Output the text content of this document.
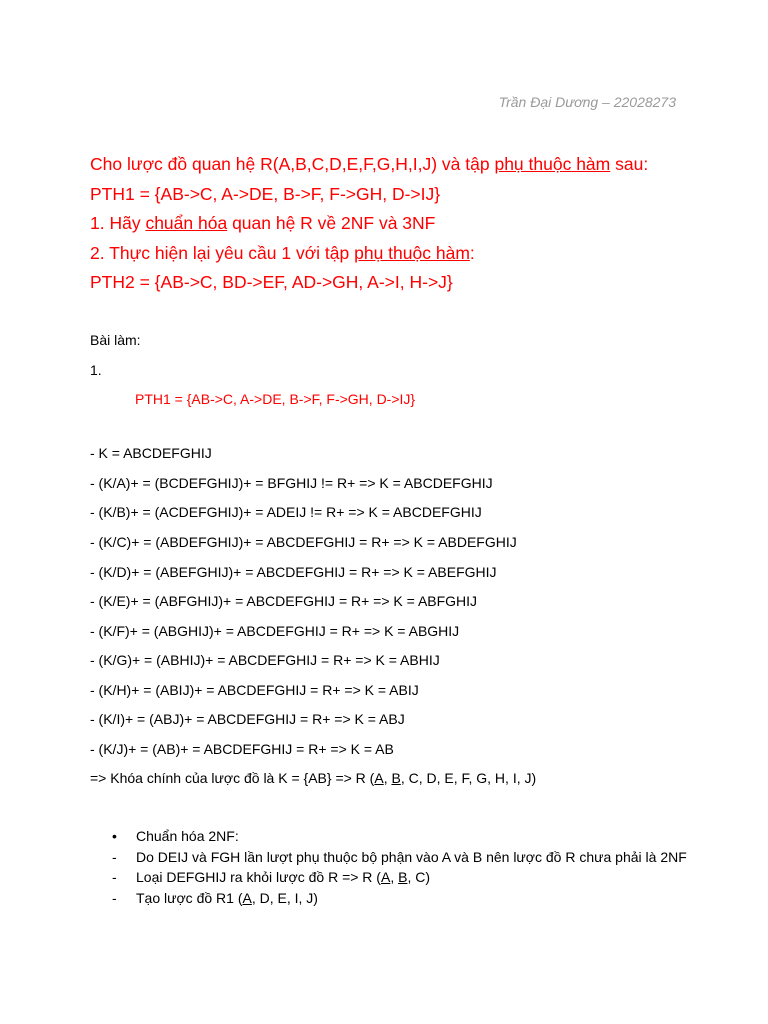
Trần Đại Dương – 22028273
Cho lược đồ quan hệ R(A,B,C,D,E,F,G,H,I,J) và tập phụ thuộc hàm sau:
PTH1 = {AB->C, A->DE, B->F, F->GH, D->IJ}
1. Hãy chuẩn hóa quan hệ R về 2NF và 3NF
2. Thực hiện lại yêu cầu 1 với tập phụ thuộc hàm:
PTH2 = {AB->C, BD->EF, AD->GH, A->I, H->J}
Bài làm:
1.
PTH1 = {AB->C, A->DE, B->F, F->GH, D->IJ}
- K = ABCDEFGHIJ
- (K/A)+ = (BCDEFGHIJ)+ = BFGHIJ != R+ => K = ABCDEFGHIJ
- (K/B)+ = (ACDEFGHIJ)+ = ADEIJ != R+ => K = ABCDEFGHIJ
- (K/C)+ = (ABDEFGHIJ)+ = ABCDEFGHIJ = R+ => K = ABDEFGHIJ
- (K/D)+ = (ABEFGHIJ)+ = ABCDEFGHIJ = R+ => K = ABEFGHIJ
- (K/E)+ = (ABFGHIJ)+ = ABCDEFGHIJ = R+ => K = ABFGHIJ
- (K/F)+ = (ABGHIJ)+ = ABCDEFGHIJ = R+ => K = ABGHIJ
- (K/G)+ = (ABHIJ)+ = ABCDEFGHIJ = R+ => K = ABHIJ
- (K/H)+ = (ABIJ)+ = ABCDEFGHIJ = R+ => K = ABIJ
- (K/I)+ = (ABJ)+ = ABCDEFGHIJ = R+ => K = ABJ
- (K/J)+ = (AB)+ = ABCDEFGHIJ = R+ => K = AB
=> Khóa chính của lược đồ là K = {AB} => R (A, B, C, D, E, F, G, H, I, J)
•	Chuẩn hóa 2NF:
-	Do DEIJ và FGH lần lượt phụ thuộc bộ phận vào A và B nên lược đồ R chưa phải là 2NF
-	Loại DEFGHIJ ra khỏi lược đồ R => R (A, B, C)
-	Tạo lược đồ R1 (A, D, E, I, J)
